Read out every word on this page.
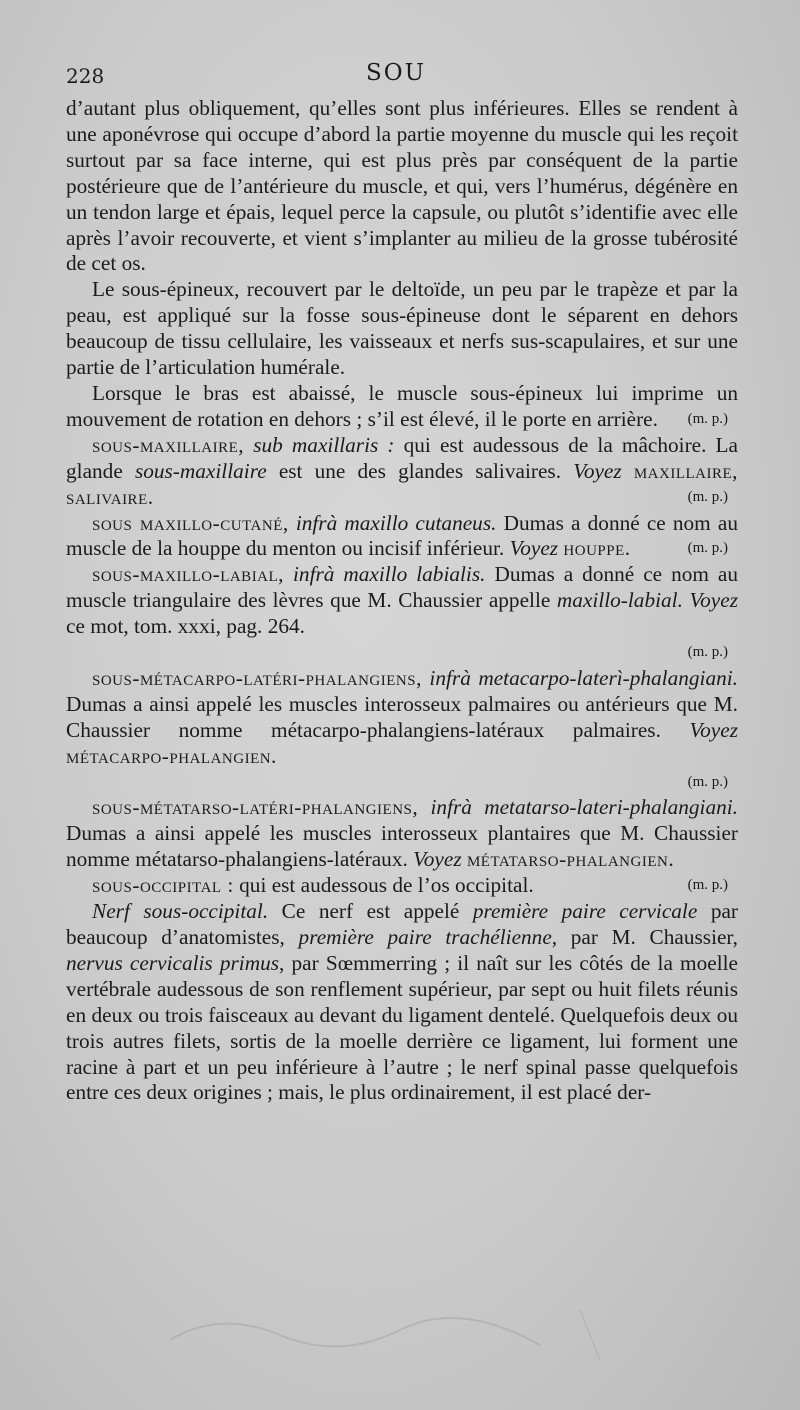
228	SOU

d’autant plus obliquement, qu’elles sont plus inférieures. Elles se rendent à une aponévrose qui occupe d’abord la partie moyenne du muscle qui les reçoit surtout par sa face interne, qui est plus près par conséquent de la partie postérieure que de l’antérieure du muscle, et qui, vers l’humérus, dégénère en un tendon large et épais, lequel perce la capsule, ou plutôt s’identifie avec elle après l’avoir recouverte, et vient s’implanter au milieu de la grosse tubérosité de cet os.

Le sous-épineux, recouvert par le deltoïde, un peu par le trapèze et par la peau, est appliqué sur la fosse sous-épineuse dont le séparent en dehors beaucoup de tissu cellulaire, les vaisseaux et nerfs sus-scapulaires, et sur une partie de l’articulation humérale.

Lorsque le bras est abaissé, le muscle sous-épineux lui imprime un mouvement de rotation en dehors ; s’il est élevé, il le porte en arrière.	(m. p.)

sous-maxillaire, sub maxillaris : qui est audessous de la mâchoire. La glande sous-maxillaire est une des glandes salivaires. Voyez maxillaire, salivaire.	(m. p.)

sous maxillo-cutané, infrà maxillo cutaneus. Dumas a donné ce nom au muscle de la houppe du menton ou incisif inférieur. Voyez houppe.	(m. p.)

sous-maxillo-labial, infrà maxillo labialis. Dumas a donné ce nom au muscle triangulaire des lèvres que M. Chaussier appelle maxillo-labial. Voyez ce mot, tom. xxxi, pag. 264.
(m. p.)

sous-métacarpo-latéri-phalangiens, infrà metacarpo-laterì-phalangiani. Dumas a ainsi appelé les muscles interosseux palmaires ou antérieurs que M. Chaussier nomme métacarpo-phalangiens-latéraux palmaires. Voyez métacarpo-phalangien.
(m. p.)

sous-métatarso-latéri-phalangiens, infrà metatarso-lateri-phalangiani. Dumas a ainsi appelé les muscles interosseux plantaires que M. Chaussier nomme métatarso-phalangiens-latéraux. Voyez métatarso-phalangien.
(m. p.)

sous-occipital : qui est audessous de l’os occipital.

Nerf sous-occipital. Ce nerf est appelé première paire cervicale par beaucoup d’anatomistes, première paire trachélienne, par M. Chaussier, nervus cervicalis primus, par Sœmmerring ; il naît sur les côtés de la moelle vertébrale audessous de son renflement supérieur, par sept ou huit filets réunis en deux ou trois faisceaux au devant du ligament dentelé. Quelquefois deux ou trois autres filets, sortis de la moelle derrière ce ligament, lui forment une racine à part et un peu inférieure à l’autre ; le nerf spinal passe quelquefois entre ces deux origines ; mais, le plus ordinairement, il est placé der-
